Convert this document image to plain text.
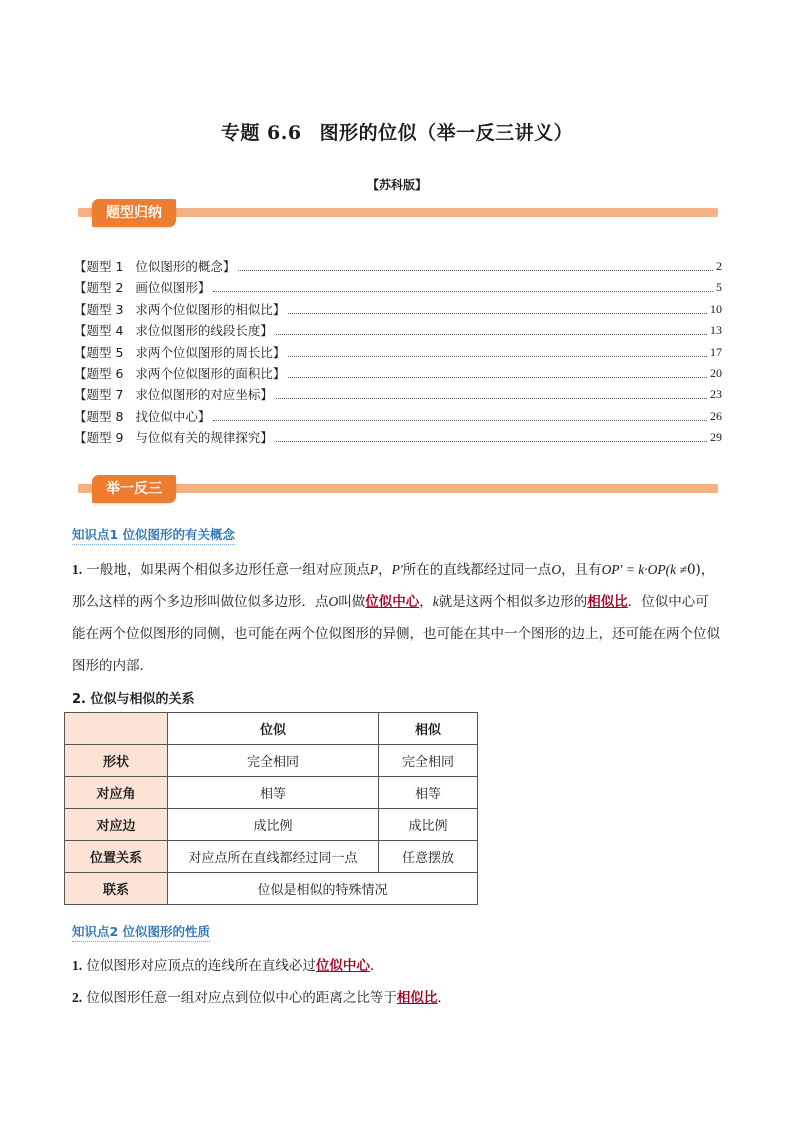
专题 6.6 图形的位似（举一反三讲义）
【苏科版】
题型归纳
【题型 1   位似图形的概念】	2
【题型 2   画位似图形】	5
【题型 3   求两个位似图形的相似比】	10
【题型 4   求位似图形的线段长度】	13
【题型 5   求两个位似图形的周长比】	17
【题型 6   求两个位似图形的面积比】	20
【题型 7   求位似图形的对应坐标】	23
【题型 8   找位似中心】	26
【题型 9   与位似有关的规律探究】	29
举一反三
知识点1 位似图形的有关概念
1. 一般地，如果两个相似多边形任意一组对应顶点P，P'所在的直线都经过同一点O，且有OP' = k·OP(k ≠0)，那么这样的两个多边形叫做位似多边形．点O叫做位似中心，k就是这两个相似多边形的相似比．位似中心可能在两个位似图形的同侧，也可能在两个位似图形的异侧，也可能在其中一个图形的边上，还可能在两个位似图形的内部．
2. 位似与相似的关系
	位似	相似
形状	完全相同	完全相同
对应角	相等	相等
对应边	成比例	成比例
位置关系	对应点所在直线都经过同一点	任意摆放
联系	位似是相似的特殊情况	
知识点2 位似图形的性质
1. 位似图形对应顶点的连线所在直线必过位似中心．
2. 位似图形任意一组对应点到位似中心的距离之比等于相似比．
